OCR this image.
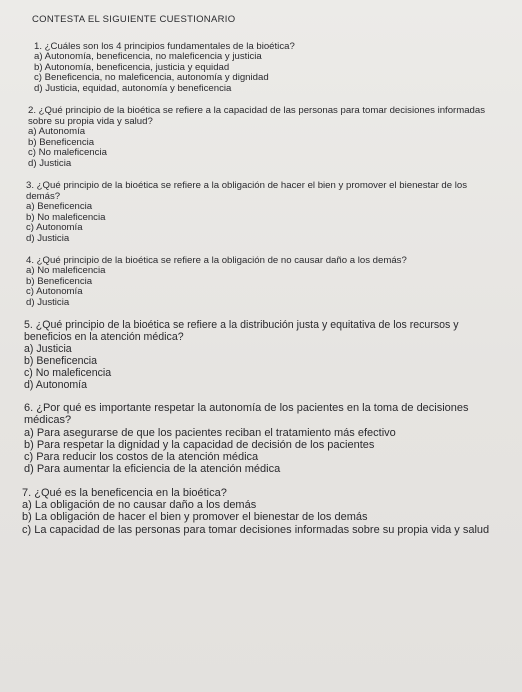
CONTESTA EL SIGUIENTE CUESTIONARIO

1. ¿Cuáles son los 4 principios fundamentales de la bioética?

a) Autonomía, beneficencia, no maleficencia y justicia

b) Autonomía, beneficencia, justicia y equidad

c) Beneficencia, no maleficencia, autonomía y dignidad

d) Justicia, equidad, autonomía y beneficencia

2. ¿Qué principio de la bioética se refiere a la capacidad de las personas para tomar decisiones informadas sobre su propia vida y salud?

a) Autonomía

b) Beneficencia

c) No maleficencia

d) Justicia

3. ¿Qué principio de la bioética se refiere a la obligación de hacer el bien y promover el bienestar de los demás?

a) Beneficencia

b) No maleficencia

c) Autonomía

d) Justicia

4. ¿Qué principio de la bioética se refiere a la obligación de no causar daño a los demás?

a) No maleficencia

b) Beneficencia

c) Autonomía

d) Justicia

5. ¿Qué principio de la bioética se refiere a la distribución justa y equitativa de los recursos y beneficios en la atención médica?

a) Justicia

b) Beneficencia

c) No maleficencia

d) Autonomía

6. ¿Por qué es importante respetar la autonomía de los pacientes en la toma de decisiones médicas?

a) Para asegurarse de que los pacientes reciban el tratamiento más efectivo

b) Para respetar la dignidad y la capacidad de decisión de los pacientes

c) Para reducir los costos de la atención médica

d) Para aumentar la eficiencia de la atención médica

7. ¿Qué es la beneficencia en la bioética?

a) La obligación de no causar daño a los demás

b) La obligación de hacer el bien y promover el bienestar de los demás

c) La capacidad de las personas para tomar decisiones informadas sobre su propia vida y salud
